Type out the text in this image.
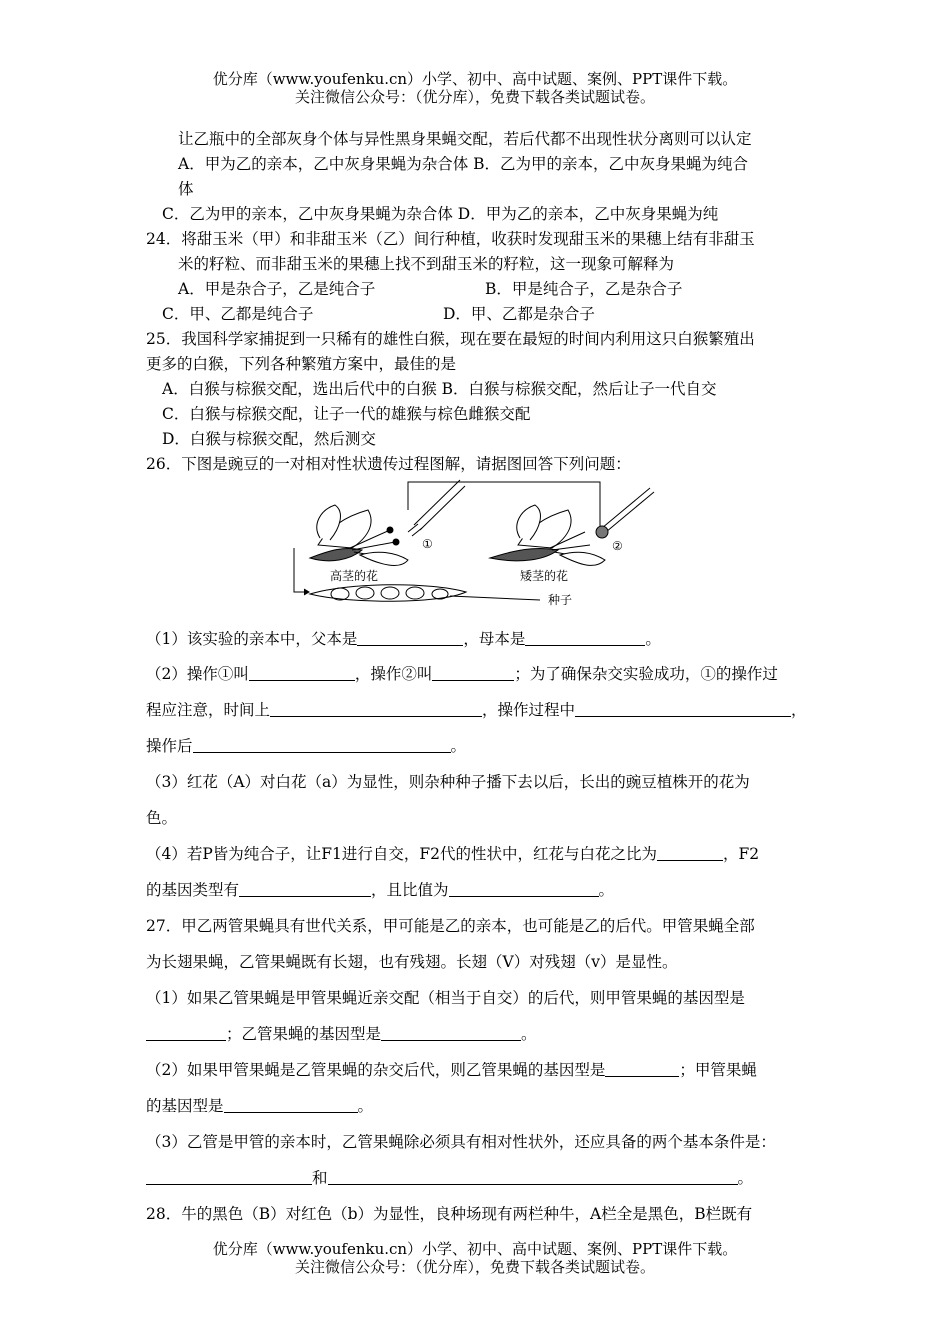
优分库（www.youfenku.cn）小学、初中、高中试题、案例、PPT课件下载。
关注微信公众号：（优分库），免费下载各类试题试卷。
让乙瓶中的全部灰身个体与异性黑身果蝇交配，若后代都不出现性状分离则可以认定
A．甲为乙的亲本，乙中灰身果蝇为杂合体 B．乙为甲的亲本，乙中灰身果蝇为纯合
体
C．乙为甲的亲本，乙中灰身果蝇为杂合体 D．甲为乙的亲本，乙中灰身果蝇为纯
24．将甜玉米（甲）和非甜玉米（乙）间行种植，收获时发现甜玉米的果穗上结有非甜玉
米的籽粒、而非甜玉米的果穗上找不到甜玉米的籽粒，这一现象可解释为
A．甲是杂合子，乙是纯合子	B．甲是纯合子，乙是杂合子
C．甲、乙都是纯合子	D．甲、乙都是杂合子
25．我国科学家捕捉到一只稀有的雄性白猴，现在要在最短的时间内利用这只白猴繁殖出
更多的白猴，下列各种繁殖方案中，最佳的是
A．白猴与棕猴交配，选出后代中的白猴 B．白猴与棕猴交配，然后让子一代自交
C．白猴与棕猴交配，让子一代的雄猴与棕色雌猴交配
D．白猴与棕猴交配，然后测交
26．下图是豌豆的一对相对性状遗传过程图解，请据图回答下列问题：
①	②
高茎的花	矮茎的花
种子
（1）该实验的亲本中，父本是	，母本是	。
（2）操作①叫	，操作②叫	；为了确保杂交实验成功，①的操作过
程应注意，时间上	，操作过程中	，
操作后	。
（3）红花（A）对白花（a）为显性，则杂种种子播下去以后，长出的豌豆植株开的花为
色。
（4）若P皆为纯合子，让F1进行自交，F2代的性状中，红花与白花之比为	，F2
的基因类型有	，且比值为	。
27．甲乙两管果蝇具有世代关系，甲可能是乙的亲本，也可能是乙的后代。甲管果蝇全部
为长翅果蝇，乙管果蝇既有长翅，也有残翅。长翅（V）对残翅（v）是显性。
（1）如果乙管果蝇是甲管果蝇近亲交配（相当于自交）的后代，则甲管果蝇的基因型是
；乙管果蝇的基因型是	。
（2）如果甲管果蝇是乙管果蝇的杂交后代，则乙管果蝇的基因型是	；甲管果蝇
的基因型是	。
（3）乙管是甲管的亲本时，乙管果蝇除必须具有相对性状外，还应具备的两个基本条件是：
和	。
28．牛的黑色（B）对红色（b）为显性，良种场现有两栏种牛，A栏全是黑色，B栏既有
优分库（www.youfenku.cn）小学、初中、高中试题、案例、PPT课件下载。
关注微信公众号：（优分库），免费下载各类试题试卷。
